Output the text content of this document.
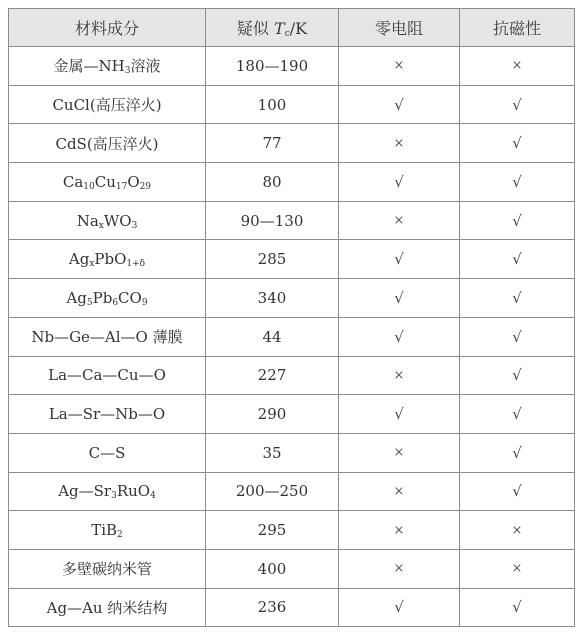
材料成分	疑似 $T_c/K$	零电阻	抗磁性
金属$—NH_3$溶液	180—190	×	×
CuCl(高压淬火)	100	√	√
CdS(高压淬火)	77	×	√
$Ca_{10}Cu_{17}O_{29}$	80	√	√
$Na_xWO_3$	90—130	×	√
$Ag_xPbO_{1+\delta}$	285	√	√
$Ag_5Pb_6CO_9$	340	√	√
Nb—Ge—Al—O 薄膜	44	√	√
La—Ca—Cu—O	227	×	√
La—Sr—Nb—O	290	√	√
C—S	35	×	√
$Ag—Sr_3RuO_4$	200—250	×	√
TiB$_2$	295	×	×
多壁碳纳米管	400	×	×
Ag—Au 纳米结构	236	√	√
